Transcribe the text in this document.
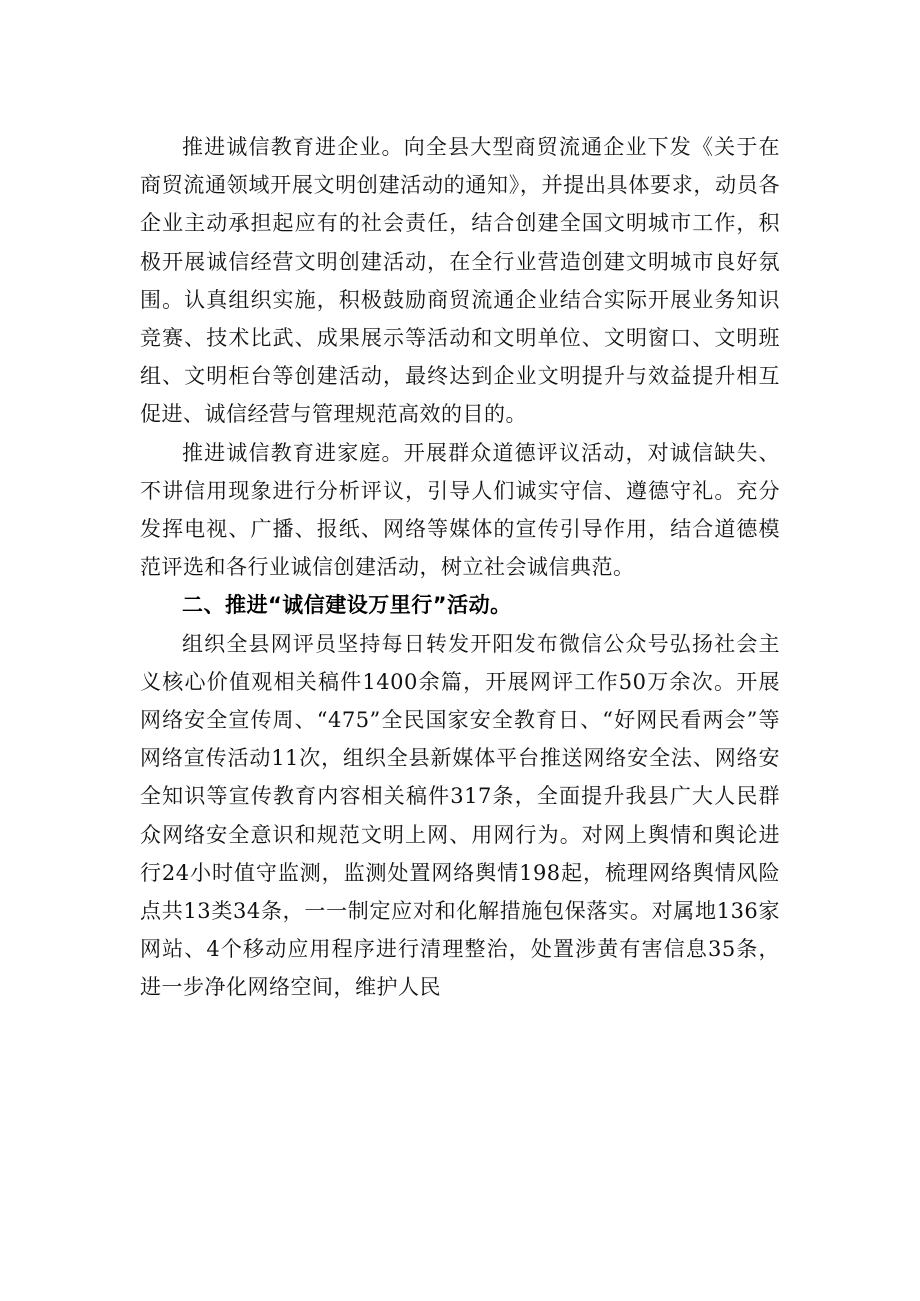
推进诚信教育进企业。向全县大型商贸流通企业下发《关于在商贸流通领域开展文明创建活动的通知》，并提出具体要求，动员各企业主动承担起应有的社会责任，结合创建全国文明城市工作，积极开展诚信经营文明创建活动，在全行业营造创建文明城市良好氛围。认真组织实施，积极鼓励商贸流通企业结合实际开展业务知识竞赛、技术比武、成果展示等活动和文明单位、文明窗口、文明班组、文明柜台等创建活动，最终达到企业文明提升与效益提升相互促进、诚信经营与管理规范高效的目的。

推进诚信教育进家庭。开展群众道德评议活动，对诚信缺失、不讲信用现象进行分析评议，引导人们诚实守信、遵德守礼。充分发挥电视、广播、报纸、网络等媒体的宣传引导作用，结合道德模范评选和各行业诚信创建活动，树立社会诚信典范。

二、推进“诚信建设万里行”活动。

组织全县网评员坚持每日转发开阳发布微信公众号弘扬社会主义核心价值观相关稿件1400余篇，开展网评工作50万余次。开展网络安全宣传周、“475”全民国家安全教育日、“好网民看两会”等网络宣传活动11次，组织全县新媒体平台推送网络安全法、网络安全知识等宣传教育内容相关稿件317条，全面提升我县广大人民群众网络安全意识和规范文明上网、用网行为。对网上舆情和舆论进行24小时值守监测，监测处置网络舆情198起，梳理网络舆情风险点共13类34条，一一制定应对和化解措施包保落实。对属地136家网站、4个移动应用程序进行清理整治，处置涉黄有害信息35条，进一步净化网络空间，维护人民
